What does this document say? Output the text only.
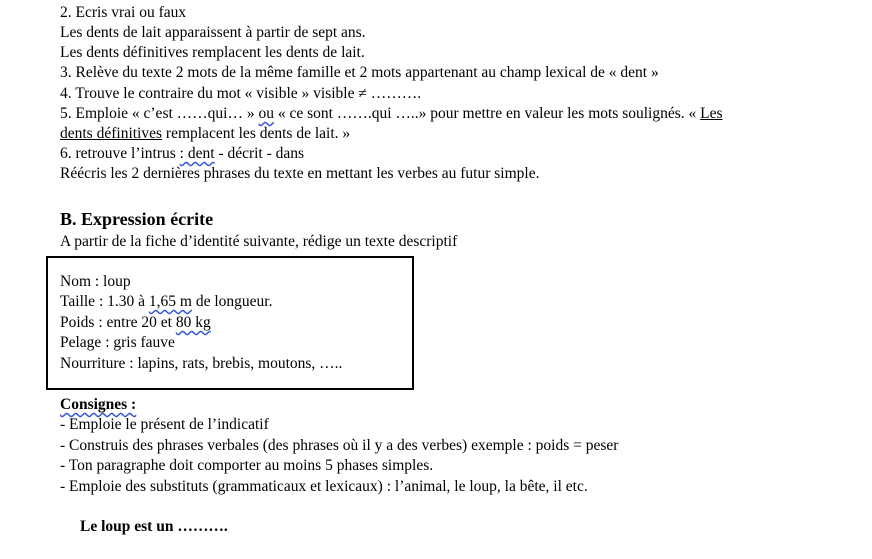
2. Ecris vrai ou faux
Les dents de lait apparaissent à partir de sept ans.
Les dents définitives remplacent les dents de lait.
3. Relève du texte 2 mots de la même famille et 2 mots appartenant au champ lexical de « dent »
4. Trouve le contraire du mot « visible » visible ≠ ……….
5. Emploie « c’est ……qui… » ou « ce sont …….qui …..» pour mettre en valeur les mots soulignés. « Les
dents définitives remplacent les dents de lait. »
6. retrouve l’intrus : dent - décrit - dans
Réécris les 2 dernières phrases du texte en mettant les verbes au futur simple.
B. Expression écrite
A partir de la fiche d’identité suivante, rédige un texte descriptif
Nom : loup
Taille : 1.30 à 1,65 m de longueur.
Poids : entre 20 et 80 kg
Pelage : gris fauve
Nourriture : lapins, rats, brebis, moutons, …..
Consignes :
- Emploie le présent de l’indicatif
- Construis des phrases verbales (des phrases où il y a des verbes) exemple : poids = peser
- Ton paragraphe doit comporter au moins 5 phases simples.
- Emploie des substituts (grammaticaux et lexicaux) : l’animal, le loup, la bête, il etc.
Le loup est un ……….
